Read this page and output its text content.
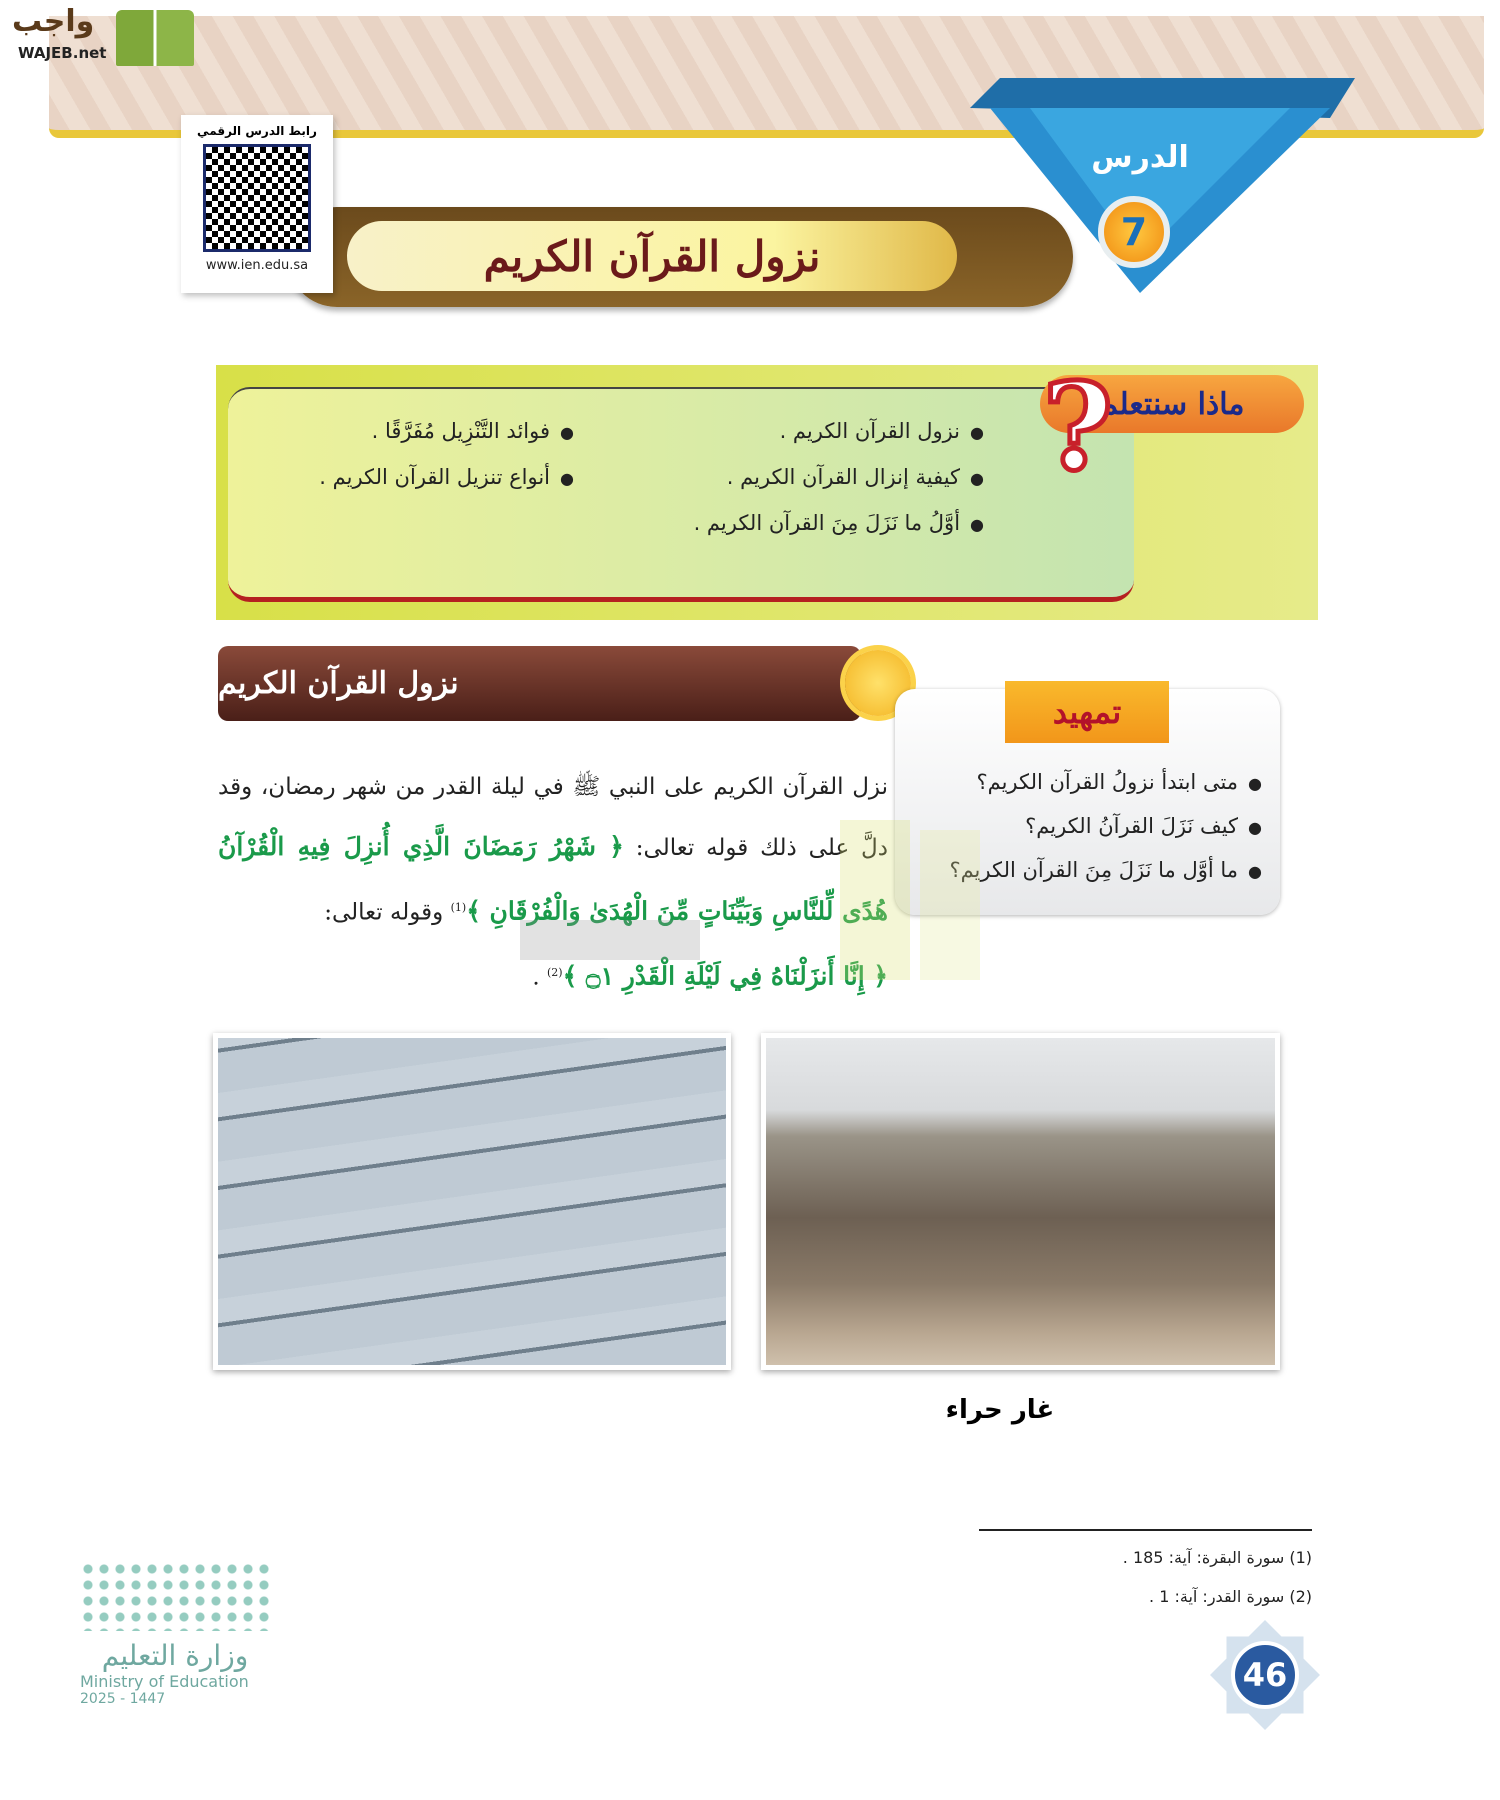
واجب
WAJEB.net
نزول القرآن الكريم
رابط الدرس الرقمي
www.ien.edu.sa
الدرس
7
● نزول القرآن الكريم .
● كيفية إنزال القرآن الكريم .
● أوَّلُ ما نَزَلَ مِنَ القرآن الكريم .
● فوائد التَّنْزِيل مُفَرَّقًا .
● أنواع تنزيل القرآن الكريم .
ماذا سنتعلم
?
نزول القرآن الكريم
تمهيد
● متى ابتدأ نزولُ القرآن الكريم؟
● كيف نَزَلَ القرآنُ الكريم؟
● ما أوَّل ما نَزَلَ مِنَ القرآن الكريم؟
نزل القرآن الكريم على النبي ﷺ في ليلة القدر من شهر رمضان، وقد دلَّ على ذلك قوله تعالى: ﴿ شَهْرُ رَمَضَانَ الَّذِي أُنزِلَ فِيهِ الْقُرْآنُ هُدًى لِّلنَّاسِ وَبَيِّنَاتٍ مِّنَ الْهُدَىٰ وَالْفُرْقَانِ ﴾$^{(1)}$ وقوله تعالى:
﴿ إِنَّا أَنزَلْنَاهُ فِي لَيْلَةِ الْقَدْرِ ۝١ ﴾$^{(2)}$ .
غار حراء
(1) سورة البقرة: آية: 185 .
(2) سورة القدر: آية: 1 .
46
وزارة التعليم
Ministry of Education
2025 - 1447
